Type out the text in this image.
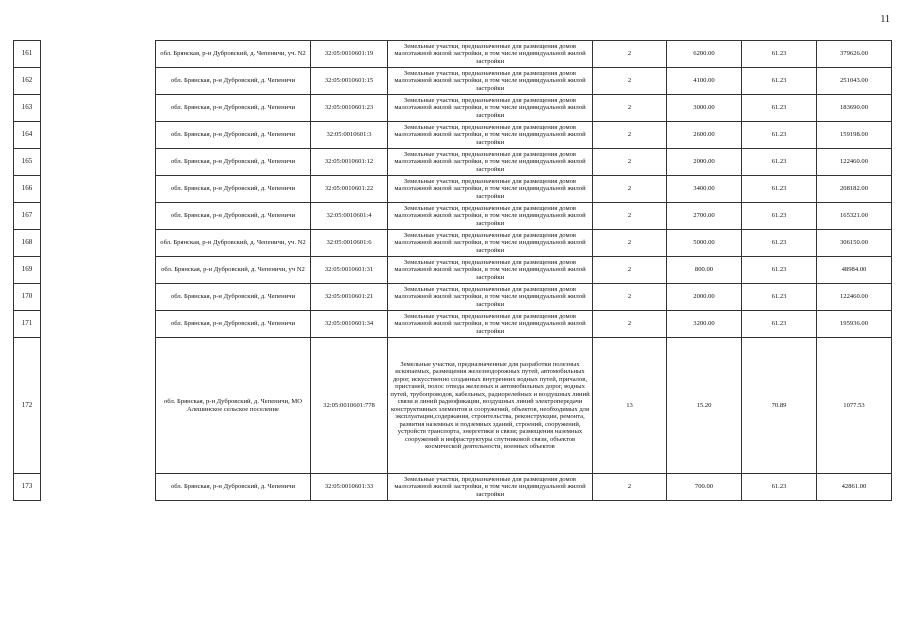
11
161		обл. Брянская, р-н Дубровский, д. Чепеничи, уч. N2	32:05:0010601:19	Земельные участки, предназначенные для размещения домов малоэтажной жилой застройки, в том числе индивидуальной жилой застройки	2	6200.00	61.23	379626.00
162		обл. Брянская, р-н Дубровский, д. Чепеничи	32:05:0010601:15	Земельные участки, предназначенные для размещения домов малоэтажной жилой застройки, в том числе индивидуальной жилой застройки	2	4100.00	61.23	251043.00
163		обл. Брянская, р-н Дубровский, д. Чепеничи	32:05:0010601:23	Земельные участки, предназначенные для размещения домов малоэтажной жилой застройки, в том числе индивидуальной жилой застройки	2	3000.00	61.23	183690.00
164		обл. Брянская, р-н Дубровский, д. Чепеничи	32:05:0010601:3	Земельные участки, предназначенные для размещения домов малоэтажной жилой застройки, в том числе индивидуальной жилой застройки	2	2600.00	61.23	159198.00
165		обл. Брянская, р-н Дубровский, д. Чепеничи	32:05:0010601:12	Земельные участки, предназначенные для размещения домов малоэтажной жилой застройки, в том числе индивидуальной жилой застройки	2	2000.00	61.23	122460.00
166		обл. Брянская, р-н Дубровский, д. Чепеничи	32:05:0010601:22	Земельные участки, предназначенные для размещения домов малоэтажной жилой застройки, в том числе индивидуальной жилой застройки	2	3400.00	61.23	208182.00
167		обл. Брянская, р-н Дубровский, д. Чепеничи	32:05:0010601:4	Земельные участки, предназначенные для размещения домов малоэтажной жилой застройки, в том числе индивидуальной жилой застройки	2	2700.00	61.23	165321.00
168		обл. Брянская, р-н Дубровский, д. Чепеничи, уч. N2	32:05:0010601:6	Земельные участки, предназначенные для размещения домов малоэтажной жилой застройки, в том числе индивидуальной жилой застройки	2	5000.00	61.23	306150.00
169		обл. Брянская, р-н Дубровский, д. Чепеничи, уч N2	32:05:0010601:31	Земельные участки, предназначенные для размещения домов малоэтажной жилой застройки, в том числе индивидуальной жилой застройки	2	800.00	61.23	48984.00
170		обл. Брянская, р-н Дубровский, д. Чепеничи	32:05:0010601:21	Земельные участки, предназначенные для размещения домов малоэтажной жилой застройки, в том числе индивидуальной жилой застройки	2	2000.00	61.23	122460.00
171		обл. Брянская, р-н Дубровский, д. Чепеничи	32:05:0010601:34	Земельные участки, предназначенные для размещения домов малоэтажной жилой застройки, в том числе индивидуальной жилой застройки	2	3200.00	61.23	195936.00
172		обл. Брянская, р-н Дубровский, д. Чепеничи, МО Алешинское сельское поселение	32:05:0010601:778	Земельные участки, предназначенные для разработки полезных ископаемых, размещения железнодорожных путей, автомобильных дорог, искусственно созданных внутренних водных путей, причалов, пристаней, полос отвода железных и автомобильных дорог, водных путей, трубопроводов, кабельных, радиорелейных и воздушных линий связи и линий радиофикации, воздушных линий электропередачи конструктивных элементов и сооружений, объектов, необходимых для эксплуатации,содержания, строительства, реконструкции, ремонта, развития наземных и подземных зданий, строений, сооружений, устройств транспорта, энергетики и связи; размещения наземных сооружений и инфраструктуры спутниковой связи, объектов космической деятельности, военных объектов	13	15.20	70.89	1077.53
173		обл. Брянская, р-н Дубровский, д. Чепеничи	32:05:0010601:33	Земельные участки, предназначенные для размещения домов малоэтажной жилой застройки, в том числе индивидуальной жилой застройки	2	700.00	61.23	42861.00
